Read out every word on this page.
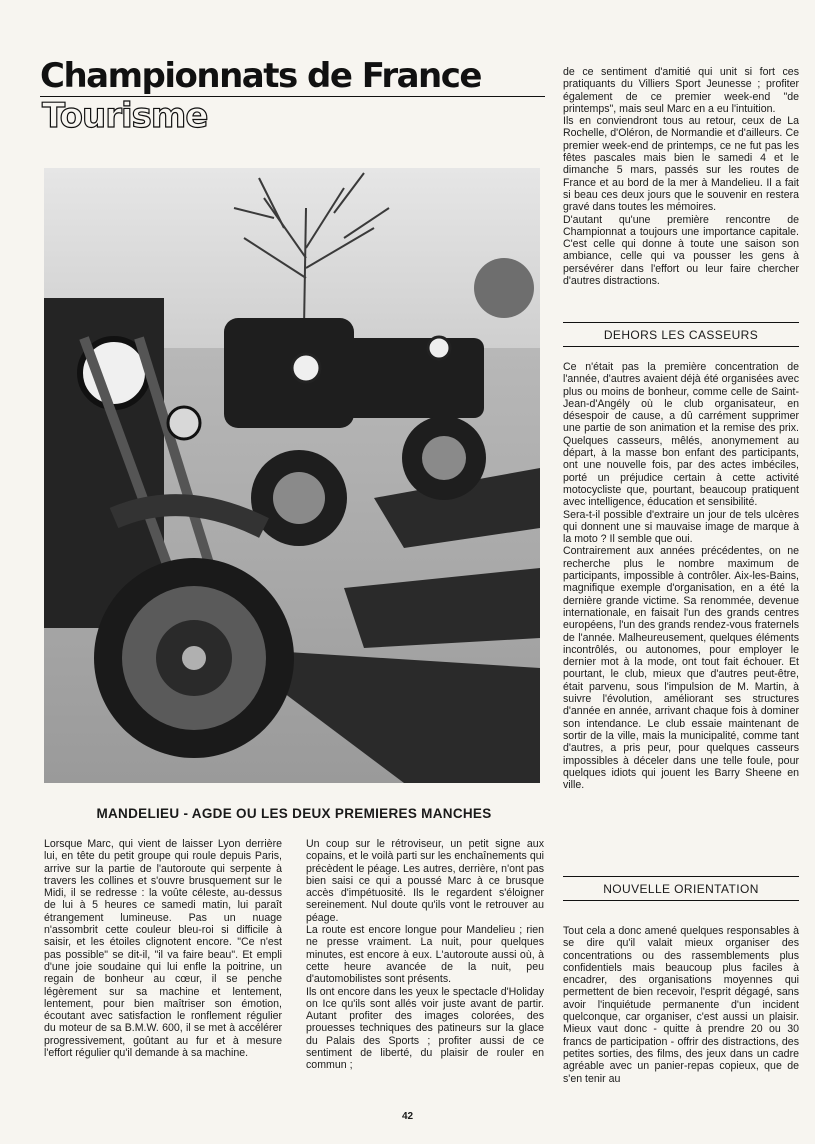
Championnats de France
Tourisme
MANDELIEU - AGDE OU LES DEUX PREMIERES MANCHES

Lorsque Marc, qui vient de laisser Lyon derrière lui, en tête du petit groupe qui roule depuis Paris, arrive sur la partie de l'autoroute qui serpente à travers les collines et s'ouvre brusquement sur le Midi, il se redresse : la voûte céleste, au-dessus de lui à 5 heures ce samedi matin, lui paraît étrangement lumineuse. Pas un nuage n'assombrit cette couleur bleu-roi si difficile à saisir, et les étoiles clignotent encore. "Ce n'est pas possible" se dit-il, "il va faire beau". Et empli d'une joie soudaine qui lui enfle la poitrine, un regain de bonheur au cœur, il se penche légèrement sur sa machine et lentement, lentement, pour bien maîtriser son émotion, écoutant avec satisfaction le ronflement régulier du moteur de sa B.M.W. 600, il se met à accélérer progressivement, goûtant au fur et à mesure l'effort régulier qu'il demande à sa machine.

Un coup sur le rétroviseur, un petit signe aux copains, et le voilà parti sur les enchaînements qui précèdent le péage. Les autres, derrière, n'ont pas bien saisi ce qui a poussé Marc à ce brusque accès d'impétuosité. Ils le regardent s'éloigner sereinement. Nul doute qu'ils vont le retrouver au péage.

La route est encore longue pour Mandelieu ; rien ne presse vraiment. La nuit, pour quelques minutes, est encore à eux. L'autoroute aussi où, à cette heure avancée de la nuit, peu d'automobilistes sont présents.

Ils ont encore dans les yeux le spectacle d'Holiday on Ice qu'ils sont allés voir juste avant de partir. Autant profiter des images colorées, des prouesses techniques des patineurs sur la glace du Palais des Sports ; profiter aussi de ce sentiment de liberté, du plaisir de rouler en commun ;

de ce sentiment d'amitié qui unit si fort ces pratiquants du Villiers Sport Jeunesse ; profiter également de ce premier week-end "de printemps", mais seul Marc en a eu l'intuition.

Ils en conviendront tous au retour, ceux de La Rochelle, d'Oléron, de Normandie et d'ailleurs. Ce premier week-end de printemps, ce ne fut pas les fêtes pascales mais bien le samedi 4 et le dimanche 5 mars, passés sur les routes de France et au bord de la mer à Mandelieu. Il a fait si beau ces deux jours que le souvenir en restera gravé dans toutes les mémoires.

D'autant qu'une première rencontre de Championnat a toujours une importance capitale. C'est celle qui donne à toute une saison son ambiance, celle qui va pousser les gens à persévérer dans l'effort ou leur faire chercher d'autres distractions.

DEHORS LES CASSEURS

Ce n'était pas la première concentration de l'année, d'autres avaient déjà été organisées avec plus ou moins de bonheur, comme celle de Saint-Jean-d'Angély où le club organisateur, en désespoir de cause, a dû carrément supprimer une partie de son animation et la remise des prix. Quelques casseurs, mêlés, anonymement au départ, à la masse bon enfant des participants, ont une nouvelle fois, par des actes imbéciles, porté un préjudice certain à cette activité motocycliste que, pourtant, beaucoup pratiquent avec intelligence, éducation et sensibilité.

Sera-t-il possible d'extraire un jour de tels ulcères qui donnent une si mauvaise image de marque à la moto ? Il semble que oui.

Contrairement aux années précédentes, on ne recherche plus le nombre maximum de participants, impossible à contrôler. Aix-les-Bains, magnifique exemple d'organisation, en a été la dernière grande victime. Sa renommée, devenue internationale, en faisait l'un des grands centres européens, l'un des grands rendez-vous fraternels de l'année. Malheureusement, quelques éléments incontrôlés, ou autonomes, pour employer le dernier mot à la mode, ont tout fait échouer. Et pourtant, le club, mieux que d'autres peut-être, était parvenu, sous l'impulsion de M. Martin, à suivre l'évolution, améliorant ses structures d'année en année, arrivant chaque fois à dominer son intendance. Le club essaie maintenant de sortir de la ville, mais la municipalité, comme tant d'autres, a pris peur, pour quelques casseurs impossibles à déceler dans une telle foule, pour quelques idiots qui jouent les Barry Sheene en ville.

NOUVELLE ORIENTATION

Tout cela a donc amené quelques responsables à se dire qu'il valait mieux organiser des concentrations ou des rassemblements plus confidentiels mais beaucoup plus faciles à encadrer, des organisations moyennes qui permettent de bien recevoir, l'esprit dégagé, sans avoir l'inquiétude permanente d'un incident quelconque, car organiser, c'est aussi un plaisir. Mieux vaut donc - quitte à prendre 20 ou 30 francs de participation - offrir des distractions, des petites sorties, des films, des jeux dans un cadre agréable avec un panier-repas copieux, que de s'en tenir au

42
